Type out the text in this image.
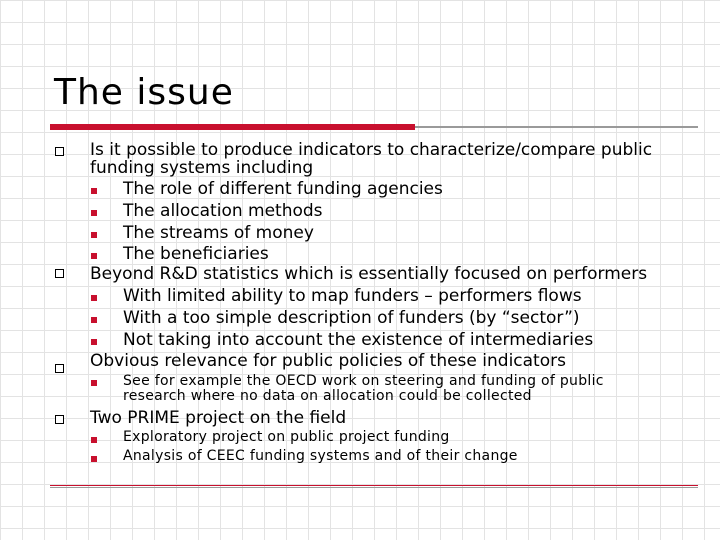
The issue
Is it possible to produce indicators to characterize/compare public
funding systems including
The role of different funding agencies
The allocation methods
The streams of money
The beneficiaries
Beyond R&D statistics which is essentially focused on performers
With limited ability to map funders – performers flows
With a too simple description of funders (by “sector”)
Not taking into account the existence of intermediaries
Obvious relevance for public policies of these indicators
See for example the OECD work on steering and funding of public
research where no data on allocation could be collected
Two PRIME project on the field
Exploratory project on public project funding
Analysis of CEEC funding systems and of their change
